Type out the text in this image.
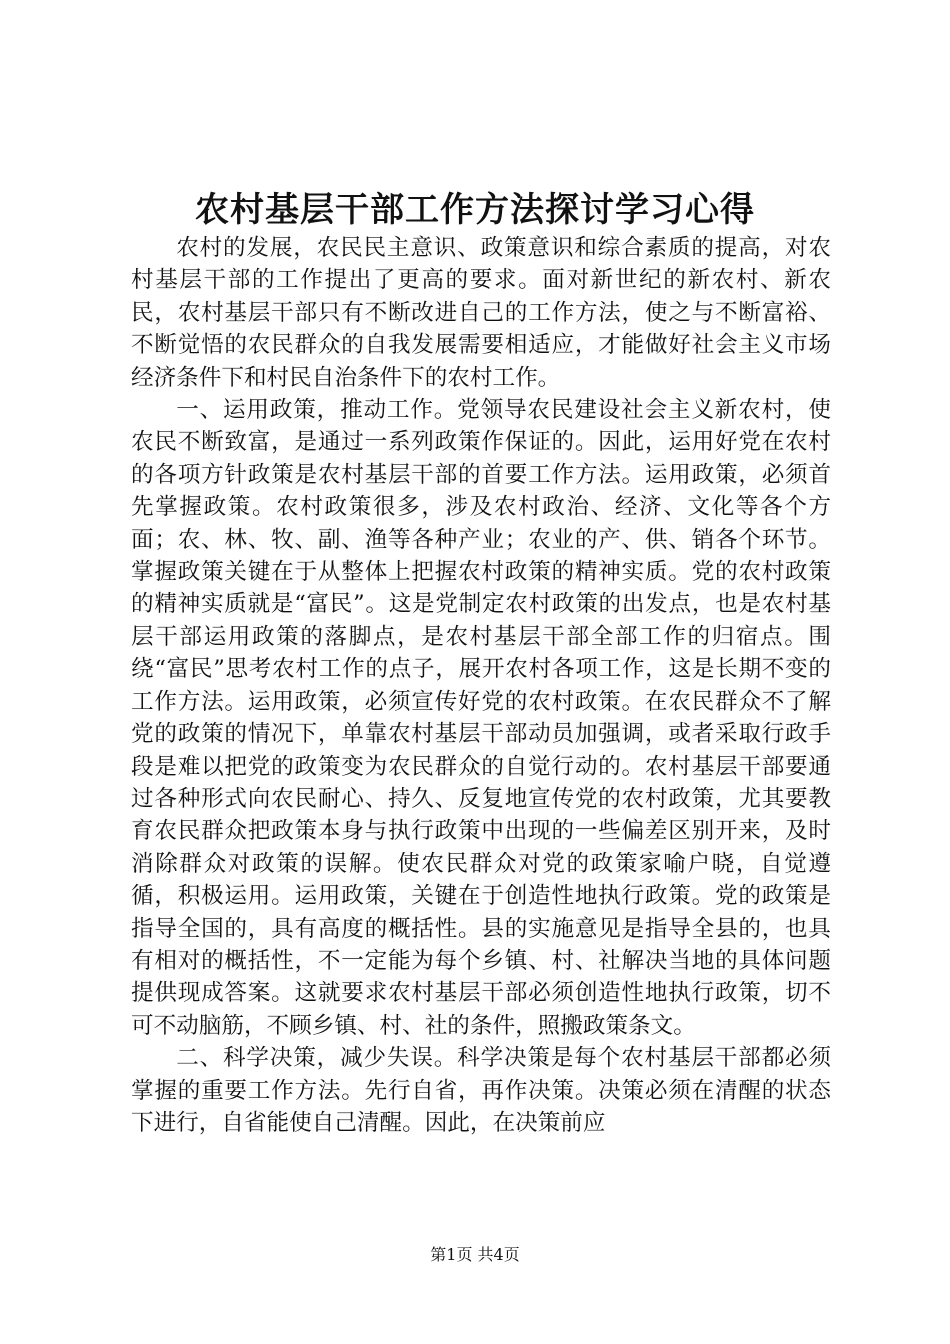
农村基层干部工作方法探讨学习心得

农村的发展，农民民主意识、政策意识和综合素质的提高，对农村基层干部的工作提出了更高的要求。面对新世纪的新农村、新农民，农村基层干部只有不断改进自己的工作方法，使之与不断富裕、不断觉悟的农民群众的自我发展需要相适应，才能做好社会主义市场经济条件下和村民自治条件下的农村工作。

一、运用政策，推动工作。党领导农民建设社会主义新农村，使农民不断致富，是通过一系列政策作保证的。因此，运用好党在农村的各项方针政策是农村基层干部的首要工作方法。运用政策，必须首先掌握政策。农村政策很多，涉及农村政治、经济、文化等各个方面；农、林、牧、副、渔等各种产业；农业的产、供、销各个环节。掌握政策关键在于从整体上把握农村政策的精神实质。党的农村政策的精神实质就是“富民”。这是党制定农村政策的出发点，也是农村基层干部运用政策的落脚点，是农村基层干部全部工作的归宿点。围绕“富民”思考农村工作的点子，展开农村各项工作，这是长期不变的工作方法。运用政策，必须宣传好党的农村政策。在农民群众不了解党的政策的情况下，单靠农村基层干部动员加强调，或者采取行政手段是难以把党的政策变为农民群众的自觉行动的。农村基层干部要通过各种形式向农民耐心、持久、反复地宣传党的农村政策，尤其要教育农民群众把政策本身与执行政策中出现的一些偏差区别开来，及时消除群众对政策的误解。使农民群众对党的政策家喻户晓，自觉遵循，积极运用。运用政策，关键在于创造性地执行政策。党的政策是指导全国的，具有高度的概括性。县的实施意见是指导全县的，也具有相对的概括性，不一定能为每个乡镇、村、社解决当地的具体问题提供现成答案。这就要求农村基层干部必须创造性地执行政策，切不可不动脑筋，不顾乡镇、村、社的条件，照搬政策条文。

二、科学决策，减少失误。科学决策是每个农村基层干部都必须掌握的重要工作方法。先行自省，再作决策。决策必须在清醒的状态下进行，自省能使自己清醒。因此，在决策前应

第1页 共4页
